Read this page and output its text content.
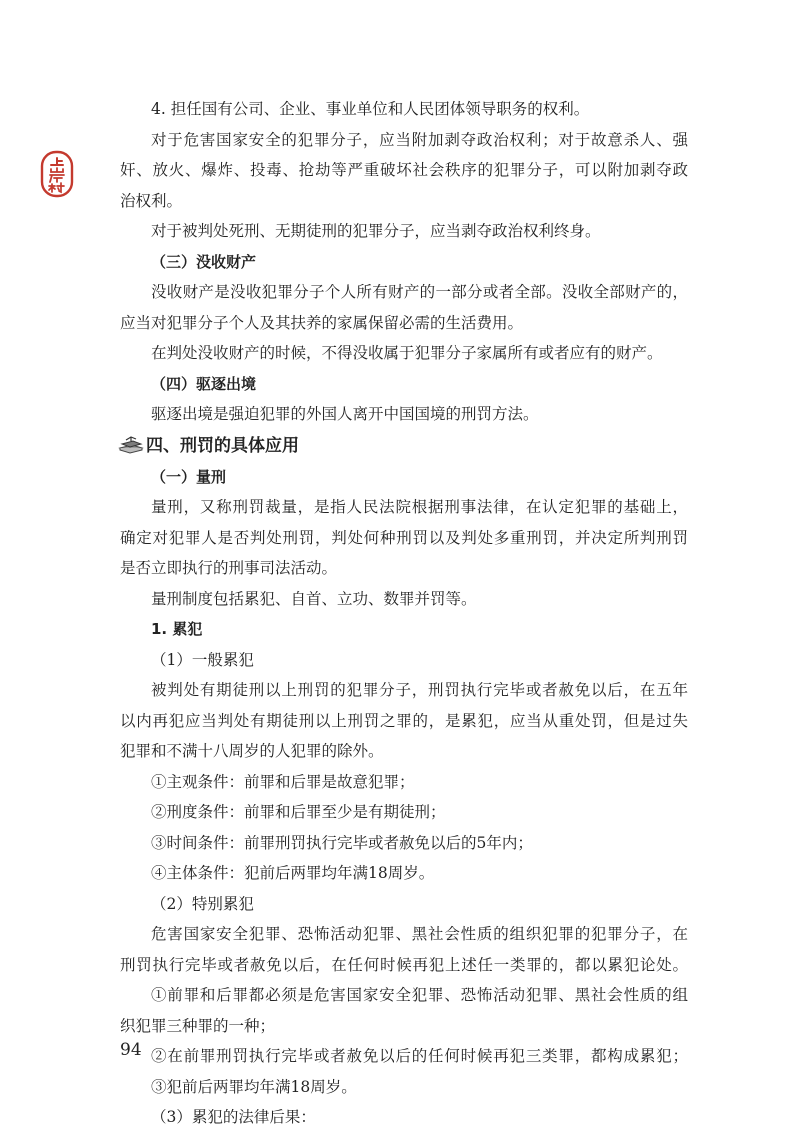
4. 担任国有公司、企业、事业单位和人民团体领导职务的权利。
对于危害国家安全的犯罪分子，应当附加剥夺政治权利；对于故意杀人、强
奸、放火、爆炸、投毒、抢劫等严重破坏社会秩序的犯罪分子，可以附加剥夺政
治权利。
对于被判处死刑、无期徒刑的犯罪分子，应当剥夺政治权利终身。
（三）没收财产
没收财产是没收犯罪分子个人所有财产的一部分或者全部。没收全部财产的，
应当对犯罪分子个人及其扶养的家属保留必需的生活费用。
在判处没收财产的时候，不得没收属于犯罪分子家属所有或者应有的财产。
（四）驱逐出境
驱逐出境是强迫犯罪的外国人离开中国国境的刑罚方法。
四、刑罚的具体应用
（一）量刑
量刑，又称刑罚裁量，是指人民法院根据刑事法律，在认定犯罪的基础上，
确定对犯罪人是否判处刑罚，判处何种刑罚以及判处多重刑罚，并决定所判刑罚
是否立即执行的刑事司法活动。
量刑制度包括累犯、自首、立功、数罪并罚等。
1. 累犯
（1）一般累犯
被判处有期徒刑以上刑罚的犯罪分子，刑罚执行完毕或者赦免以后，在五年
以内再犯应当判处有期徒刑以上刑罚之罪的，是累犯，应当从重处罚，但是过失
犯罪和不满十八周岁的人犯罪的除外。
①主观条件：前罪和后罪是故意犯罪；
②刑度条件：前罪和后罪至少是有期徒刑；
③时间条件：前罪刑罚执行完毕或者赦免以后的5年内；
④主体条件：犯前后两罪均年满18周岁。
（2）特别累犯
危害国家安全犯罪、恐怖活动犯罪、黑社会性质的组织犯罪的犯罪分子，在
刑罚执行完毕或者赦免以后，在任何时候再犯上述任一类罪的，都以累犯论处。
①前罪和后罪都必须是危害国家安全犯罪、恐怖活动犯罪、黑社会性质的组
织犯罪三种罪的一种；
②在前罪刑罚执行完毕或者赦免以后的任何时候再犯三类罪，都构成累犯；
③犯前后两罪均年满18周岁。
（3）累犯的法律后果：
94
